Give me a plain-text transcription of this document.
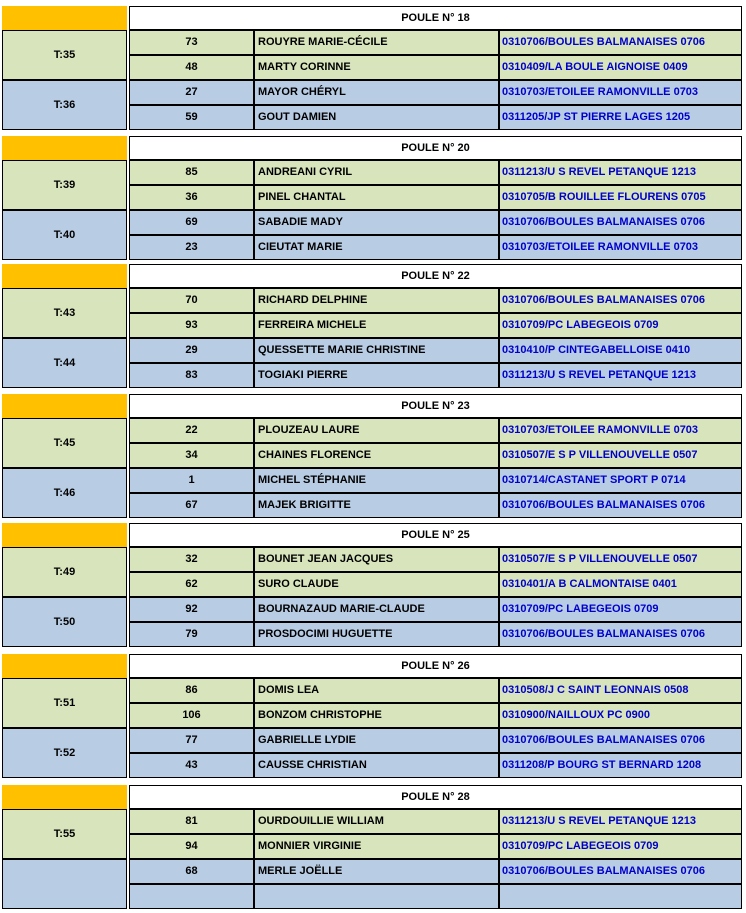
POULE N° 18
T:35
73	ROUYRE MARIE-CÉCILE	0310706/BOULES BALMANAISES 0706
48	MARTY CORINNE	0310409/LA BOULE AIGNOISE 0409
T:36
27	MAYOR CHÉRYL	0310703/ETOILEE RAMONVILLE 0703
59	GOUT DAMIEN	0311205/JP ST PIERRE LAGES 1205
POULE N° 20
T:39
85	ANDREANI CYRIL	0311213/U S REVEL PETANQUE 1213
36	PINEL CHANTAL	0310705/B ROUILLEE FLOURENS 0705
T:40
69	SABADIE MADY	0310706/BOULES BALMANAISES 0706
23	CIEUTAT MARIE	0310703/ETOILEE RAMONVILLE 0703
POULE N° 22
T:43
70	RICHARD DELPHINE	0310706/BOULES BALMANAISES 0706
93	FERREIRA MICHELE	0310709/PC LABEGEOIS 0709
T:44
29	QUESSETTE MARIE CHRISTINE	0310410/P CINTEGABELLOISE 0410
83	TOGIAKI PIERRE	0311213/U S REVEL PETANQUE 1213
POULE N° 23
T:45
22	PLOUZEAU LAURE	0310703/ETOILEE RAMONVILLE 0703
34	CHAINES FLORENCE	0310507/E S P VILLENOUVELLE 0507
T:46
1	MICHEL STÉPHANIE	0310714/CASTANET SPORT P 0714
67	MAJEK BRIGITTE	0310706/BOULES BALMANAISES 0706
POULE N° 25
T:49
32	BOUNET JEAN JACQUES	0310507/E S P VILLENOUVELLE 0507
62	SURO CLAUDE	0310401/A B CALMONTAISE 0401
T:50
92	BOURNAZAUD MARIE-CLAUDE	0310709/PC LABEGEOIS 0709
79	PROSDOCIMI HUGUETTE	0310706/BOULES BALMANAISES 0706
POULE N° 26
T:51
86	DOMIS LEA	0310508/J C SAINT LEONNAIS 0508
106	BONZOM CHRISTOPHE	0310900/NAILLOUX PC 0900
T:52
77	GABRIELLE LYDIE	0310706/BOULES BALMANAISES 0706
43	CAUSSE CHRISTIAN	0311208/P BOURG ST BERNARD 1208
POULE N° 28
T:55
81	OURDOUILLIE WILLIAM	0311213/U S REVEL PETANQUE 1213
94	MONNIER VIRGINIE	0310709/PC LABEGEOIS 0709
68	MERLE JOËLLE	0310706/BOULES BALMANAISES 0706
